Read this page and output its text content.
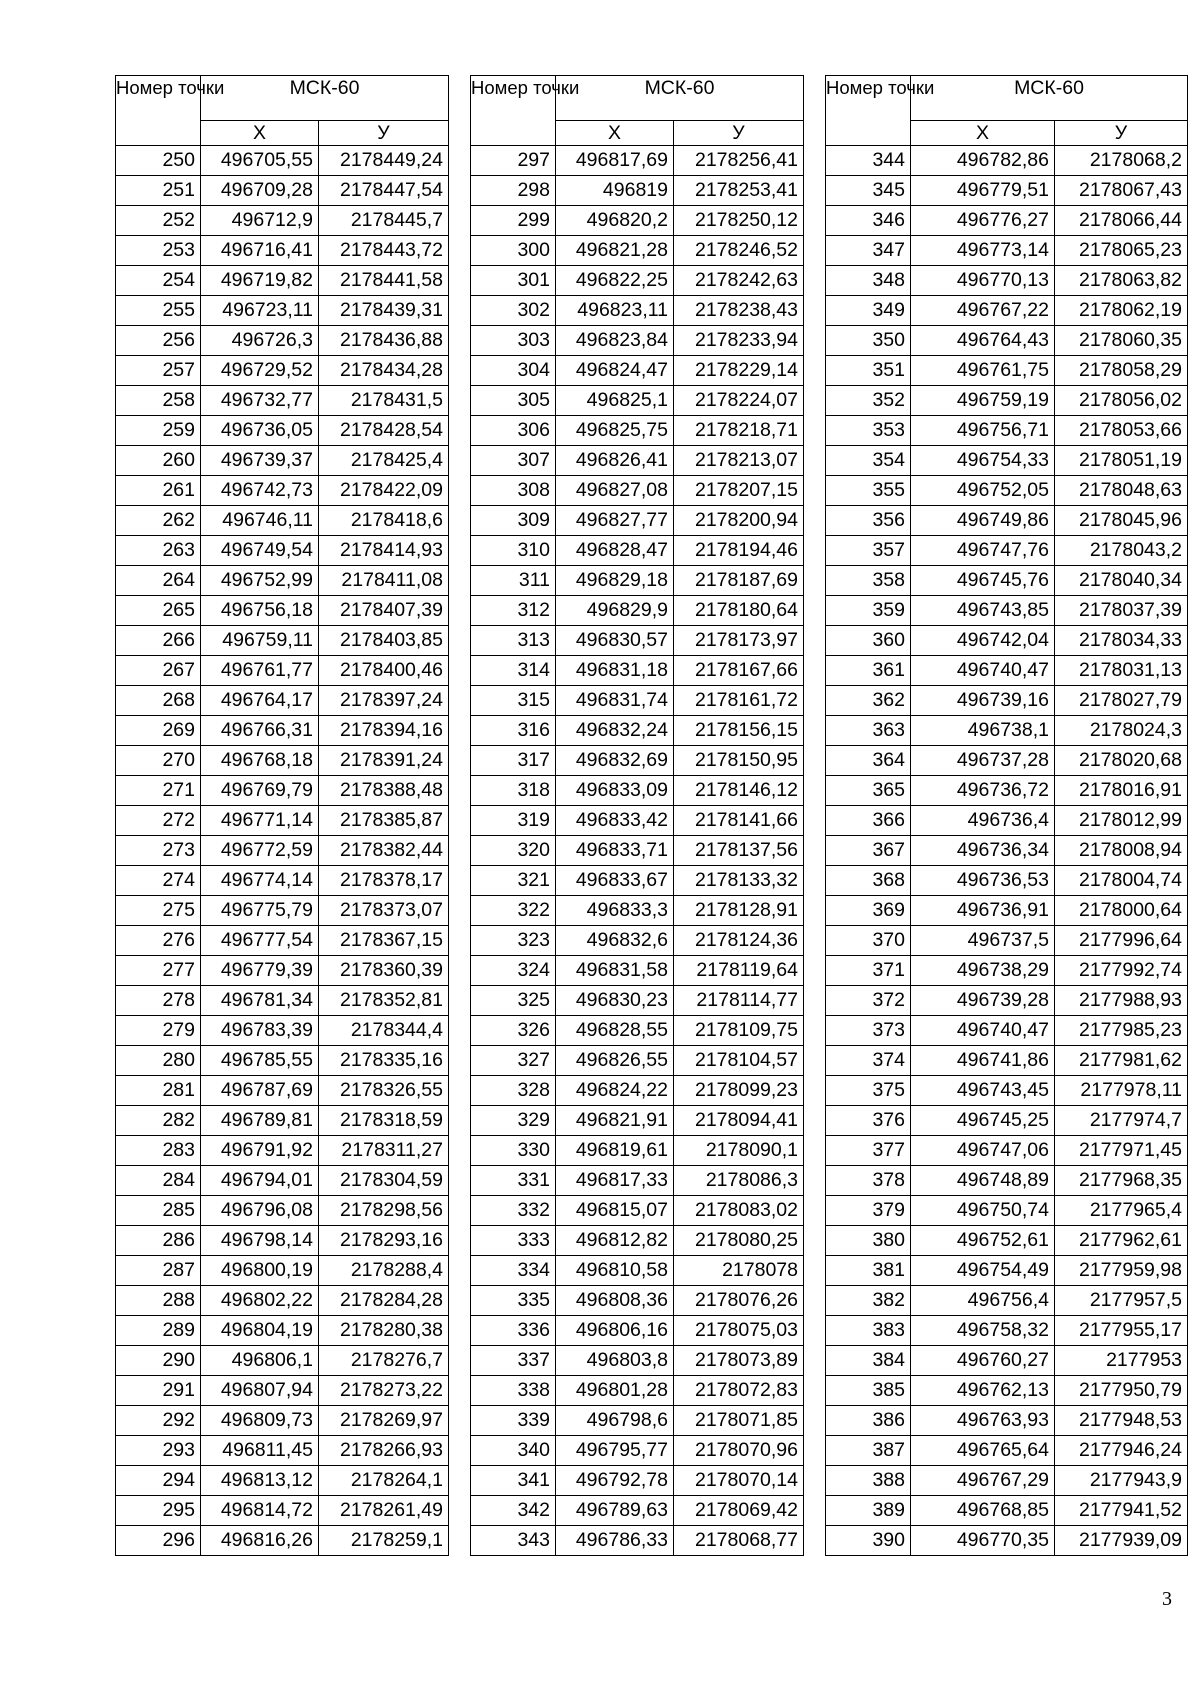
Номер точки	МСК-60	
	X	У
250	496705,55	2178449,24
251	496709,28	2178447,54
252	496712,9	2178445,7
253	496716,41	2178443,72
254	496719,82	2178441,58
255	496723,11	2178439,31
256	496726,3	2178436,88
257	496729,52	2178434,28
258	496732,77	2178431,5
259	496736,05	2178428,54
260	496739,37	2178425,4
261	496742,73	2178422,09
262	496746,11	2178418,6
263	496749,54	2178414,93
264	496752,99	2178411,08
265	496756,18	2178407,39
266	496759,11	2178403,85
267	496761,77	2178400,46
268	496764,17	2178397,24
269	496766,31	2178394,16
270	496768,18	2178391,24
271	496769,79	2178388,48
272	496771,14	2178385,87
273	496772,59	2178382,44
274	496774,14	2178378,17
275	496775,79	2178373,07
276	496777,54	2178367,15
277	496779,39	2178360,39
278	496781,34	2178352,81
279	496783,39	2178344,4
280	496785,55	2178335,16
281	496787,69	2178326,55
282	496789,81	2178318,59
283	496791,92	2178311,27
284	496794,01	2178304,59
285	496796,08	2178298,56
286	496798,14	2178293,16
287	496800,19	2178288,4
288	496802,22	2178284,28
289	496804,19	2178280,38
290	496806,1	2178276,7
291	496807,94	2178273,22
292	496809,73	2178269,97
293	496811,45	2178266,93
294	496813,12	2178264,1
295	496814,72	2178261,49
296	496816,26	2178259,1
Номер точки	МСК-60	
	X	У
297	496817,69	2178256,41
298	496819	2178253,41
299	496820,2	2178250,12
300	496821,28	2178246,52
301	496822,25	2178242,63
302	496823,11	2178238,43
303	496823,84	2178233,94
304	496824,47	2178229,14
305	496825,1	2178224,07
306	496825,75	2178218,71
307	496826,41	2178213,07
308	496827,08	2178207,15
309	496827,77	2178200,94
310	496828,47	2178194,46
311	496829,18	2178187,69
312	496829,9	2178180,64
313	496830,57	2178173,97
314	496831,18	2178167,66
315	496831,74	2178161,72
316	496832,24	2178156,15
317	496832,69	2178150,95
318	496833,09	2178146,12
319	496833,42	2178141,66
320	496833,71	2178137,56
321	496833,67	2178133,32
322	496833,3	2178128,91
323	496832,6	2178124,36
324	496831,58	2178119,64
325	496830,23	2178114,77
326	496828,55	2178109,75
327	496826,55	2178104,57
328	496824,22	2178099,23
329	496821,91	2178094,41
330	496819,61	2178090,1
331	496817,33	2178086,3
332	496815,07	2178083,02
333	496812,82	2178080,25
334	496810,58	2178078
335	496808,36	2178076,26
336	496806,16	2178075,03
337	496803,8	2178073,89
338	496801,28	2178072,83
339	496798,6	2178071,85
340	496795,77	2178070,96
341	496792,78	2178070,14
342	496789,63	2178069,42
343	496786,33	2178068,77
Номер точки	МСК-60	
	X	У
344	496782,86	2178068,2
345	496779,51	2178067,43
346	496776,27	2178066,44
347	496773,14	2178065,23
348	496770,13	2178063,82
349	496767,22	2178062,19
350	496764,43	2178060,35
351	496761,75	2178058,29
352	496759,19	2178056,02
353	496756,71	2178053,66
354	496754,33	2178051,19
355	496752,05	2178048,63
356	496749,86	2178045,96
357	496747,76	2178043,2
358	496745,76	2178040,34
359	496743,85	2178037,39
360	496742,04	2178034,33
361	496740,47	2178031,13
362	496739,16	2178027,79
363	496738,1	2178024,3
364	496737,28	2178020,68
365	496736,72	2178016,91
366	496736,4	2178012,99
367	496736,34	2178008,94
368	496736,53	2178004,74
369	496736,91	2178000,64
370	496737,5	2177996,64
371	496738,29	2177992,74
372	496739,28	2177988,93
373	496740,47	2177985,23
374	496741,86	2177981,62
375	496743,45	2177978,11
376	496745,25	2177974,7
377	496747,06	2177971,45
378	496748,89	2177968,35
379	496750,74	2177965,4
380	496752,61	2177962,61
381	496754,49	2177959,98
382	496756,4	2177957,5
383	496758,32	2177955,17
384	496760,27	2177953
385	496762,13	2177950,79
386	496763,93	2177948,53
387	496765,64	2177946,24
388	496767,29	2177943,9
389	496768,85	2177941,52
390	496770,35	2177939,09
3
